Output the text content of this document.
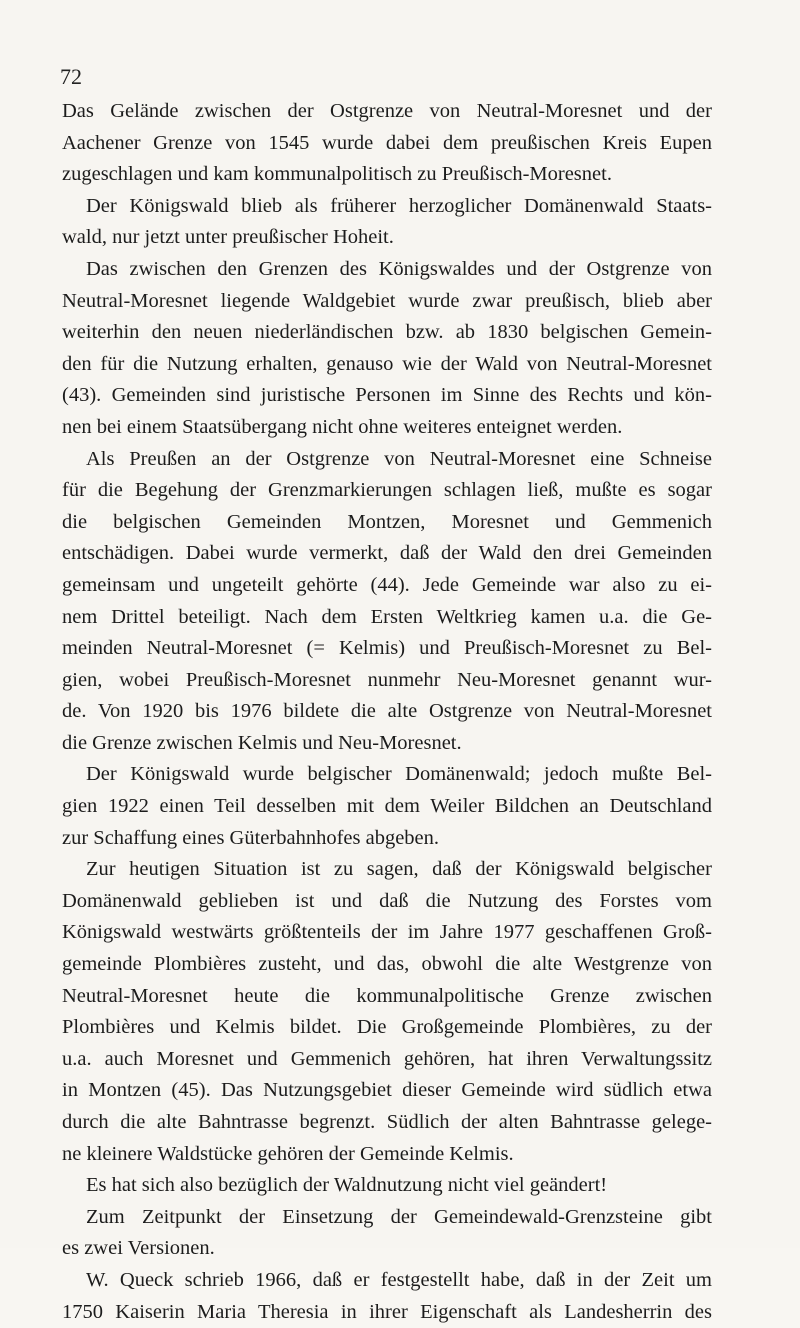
72
Das Gelände zwischen der Ostgrenze von Neutral-Moresnet und der
Aachener Grenze von 1545 wurde dabei dem preußischen Kreis Eupen
zugeschlagen und kam kommunalpolitisch zu Preußisch-Moresnet.
Der Königswald blieb als früherer herzoglicher Domänenwald Staats-
wald, nur jetzt unter preußischer Hoheit.
Das zwischen den Grenzen des Königswaldes und der Ostgrenze von
Neutral-Moresnet liegende Waldgebiet wurde zwar preußisch, blieb aber
weiterhin den neuen niederländischen bzw. ab 1830 belgischen Gemein-
den für die Nutzung erhalten, genauso wie der Wald von Neutral-Moresnet
(43). Gemeinden sind juristische Personen im Sinne des Rechts und kön-
nen bei einem Staatsübergang nicht ohne weiteres enteignet werden.
Als Preußen an der Ostgrenze von Neutral-Moresnet eine Schneise
für die Begehung der Grenzmarkierungen schlagen ließ, mußte es sogar
die belgischen Gemeinden Montzen, Moresnet und Gemmenich
entschädigen. Dabei wurde vermerkt, daß der Wald den drei Gemeinden
gemeinsam und ungeteilt gehörte (44). Jede Gemeinde war also zu ei-
nem Drittel beteiligt. Nach dem Ersten Weltkrieg kamen u.a. die Ge-
meinden Neutral-Moresnet (= Kelmis) und Preußisch-Moresnet zu Bel-
gien, wobei Preußisch-Moresnet nunmehr Neu-Moresnet genannt wur-
de. Von 1920 bis 1976 bildete die alte Ostgrenze von Neutral-Moresnet
die Grenze zwischen Kelmis und Neu-Moresnet.
Der Königswald wurde belgischer Domänenwald; jedoch mußte Bel-
gien 1922 einen Teil desselben mit dem Weiler Bildchen an Deutschland
zur Schaffung eines Güterbahnhofes abgeben.
Zur heutigen Situation ist zu sagen, daß der Königswald belgischer
Domänenwald geblieben ist und daß die Nutzung des Forstes vom
Königswald westwärts größtenteils der im Jahre 1977 geschaffenen Groß-
gemeinde Plombières zusteht, und das, obwohl die alte Westgrenze von
Neutral-Moresnet heute die kommunalpolitische Grenze zwischen
Plombières und Kelmis bildet. Die Großgemeinde Plombières, zu der
u.a. auch Moresnet und Gemmenich gehören, hat ihren Verwaltungssitz
in Montzen (45). Das Nutzungsgebiet dieser Gemeinde wird südlich etwa
durch die alte Bahntrasse begrenzt. Südlich der alten Bahntrasse gelege-
ne kleinere Waldstücke gehören der Gemeinde Kelmis.
Es hat sich also bezüglich der Waldnutzung nicht viel geändert!
Zum Zeitpunkt der Einsetzung der Gemeindewald-Grenzsteine gibt
es zwei Versionen.
W. Queck schrieb 1966, daß er festgestellt habe, daß in der Zeit um
1750 Kaiserin Maria Theresia in ihrer Eigenschaft als Landesherrin des
